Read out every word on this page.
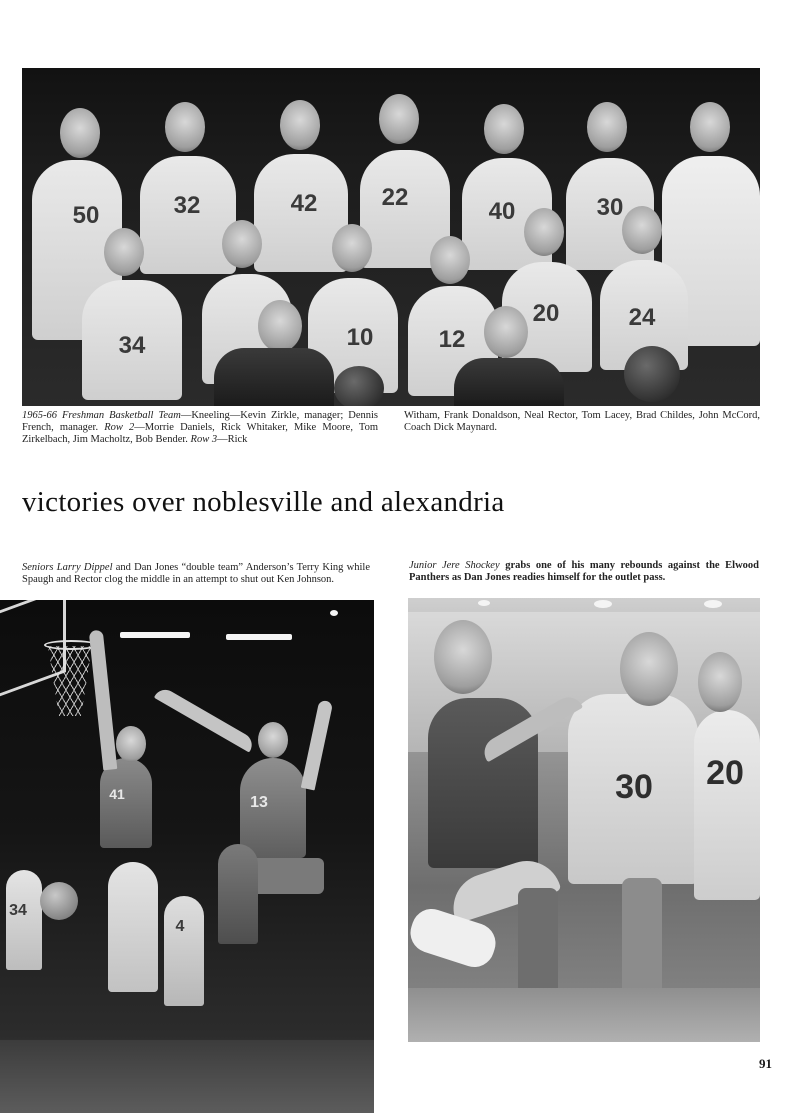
50	32	42	22
40	30
34	10	12
20	24
1965-66 Freshman Basketball Team—Kneeling—Kevin Zirkle, manager; Dennis French, manager. Row 2—Morrie Daniels, Rick Whitaker, Mike Moore, Tom Zirkelbach, Jim Macholtz, Bob Bender. Row 3—Rick
Witham, Frank Donaldson, Neal Rector, Tom Lacey, Brad Childes, John McCord, Coach Dick Maynard.
victories over noblesville and alexandria
Seniors Larry Dippel and Dan Jones “double team” Anderson’s Terry King while Spaugh and Rector clog the middle in an attempt to shut out Ken Johnson.
Junior Jere Shockey grabs one of his many rebounds against the Elwood Panthers as Dan Jones readies himself for the outlet pass.
41	13
34
4
30	20
91
